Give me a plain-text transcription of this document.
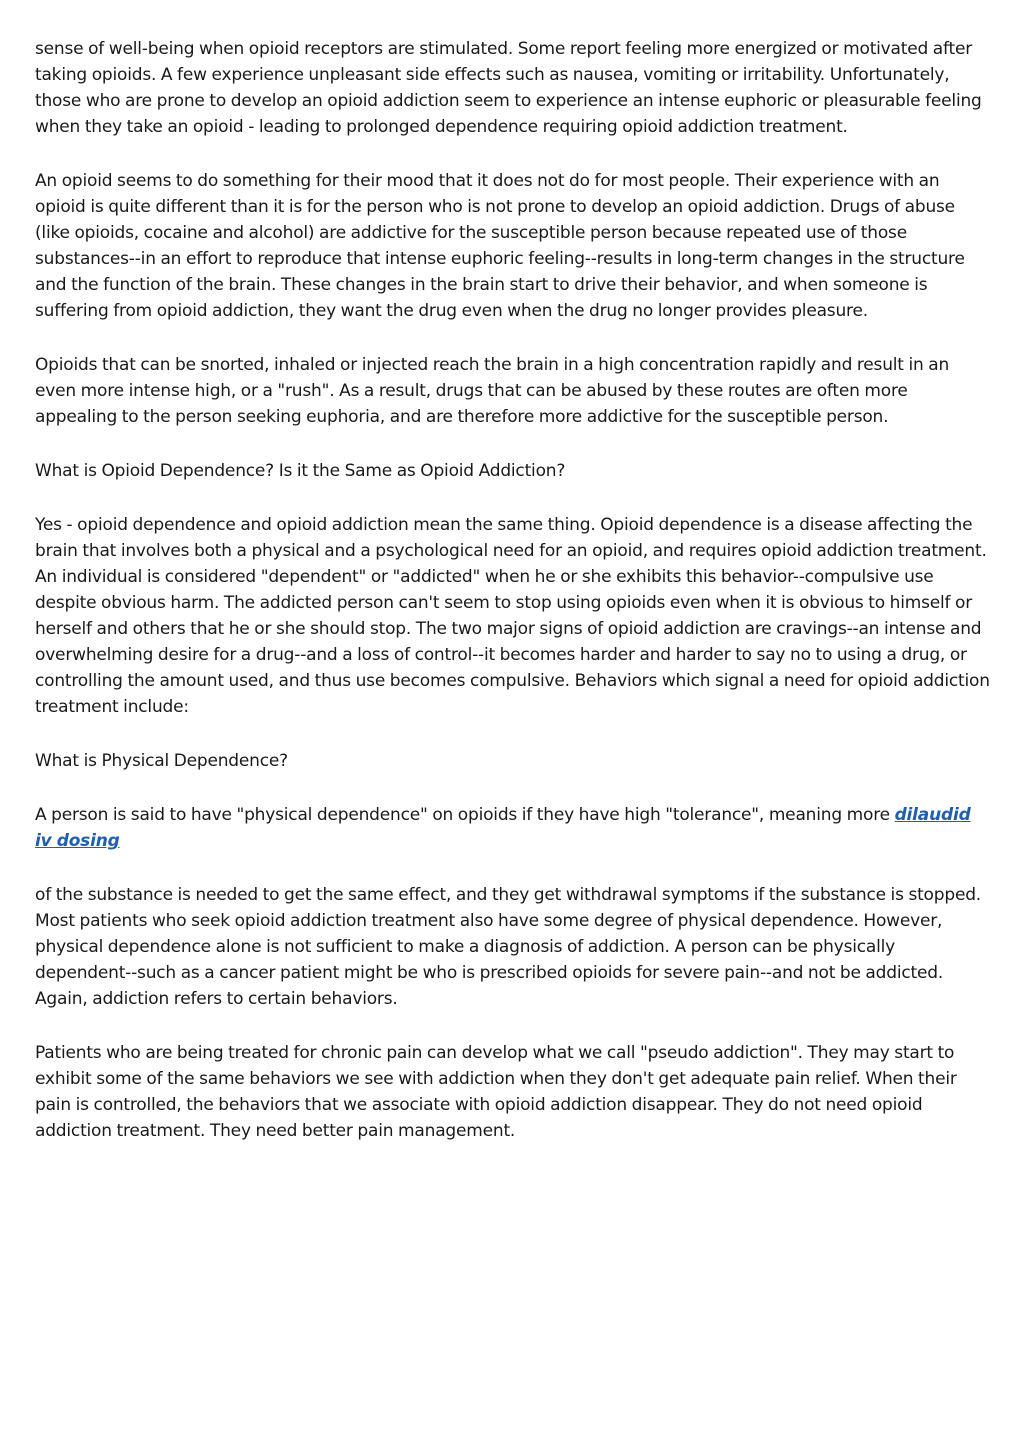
sense of well-being when opioid receptors are stimulated. Some report feeling more energized or motivated after taking opioids. A few experience unpleasant side effects such as nausea, vomiting or irritability. Unfortunately, those who are prone to develop an opioid addiction seem to experience an intense euphoric or pleasurable feeling when they take an opioid - leading to prolonged dependence requiring opioid addiction treatment.

An opioid seems to do something for their mood that it does not do for most people. Their experience with an opioid is quite different than it is for the person who is not prone to develop an opioid addiction. Drugs of abuse (like opioids, cocaine and alcohol) are addictive for the susceptible person because repeated use of those substances--in an effort to reproduce that intense euphoric feeling--results in long-term changes in the structure and the function of the brain. These changes in the brain start to drive their behavior, and when someone is suffering from opioid addiction, they want the drug even when the drug no longer provides pleasure.

Opioids that can be snorted, inhaled or injected reach the brain in a high concentration rapidly and result in an even more intense high, or a "rush". As a result, drugs that can be abused by these routes are often more appealing to the person seeking euphoria, and are therefore more addictive for the susceptible person.

What is Opioid Dependence? Is it the Same as Opioid Addiction?

Yes - opioid dependence and opioid addiction mean the same thing. Opioid dependence is a disease affecting the brain that involves both a physical and a psychological need for an opioid, and requires opioid addiction treatment. An individual is considered "dependent" or "addicted" when he or she exhibits this behavior--compulsive use despite obvious harm. The addicted person can't seem to stop using opioids even when it is obvious to himself or herself and others that he or she should stop. The two major signs of opioid addiction are cravings--an intense and overwhelming desire for a drug--and a loss of control--it becomes harder and harder to say no to using a drug, or controlling the amount used, and thus use becomes compulsive. Behaviors which signal a need for opioid addiction treatment include:

What is Physical Dependence?

A person is said to have "physical dependence" on opioids if they have high "tolerance", meaning more dilaudid iv dosing

of the substance is needed to get the same effect, and they get withdrawal symptoms if the substance is stopped. Most patients who seek opioid addiction treatment also have some degree of physical dependence. However, physical dependence alone is not sufficient to make a diagnosis of addiction. A person can be physically dependent--such as a cancer patient might be who is prescribed opioids for severe pain--and not be addicted. Again, addiction refers to certain behaviors.

Patients who are being treated for chronic pain can develop what we call "pseudo addiction". They may start to exhibit some of the same behaviors we see with addiction when they don't get adequate pain relief. When their pain is controlled, the behaviors that we associate with opioid addiction disappear. They do not need opioid addiction treatment. They need better pain management.
